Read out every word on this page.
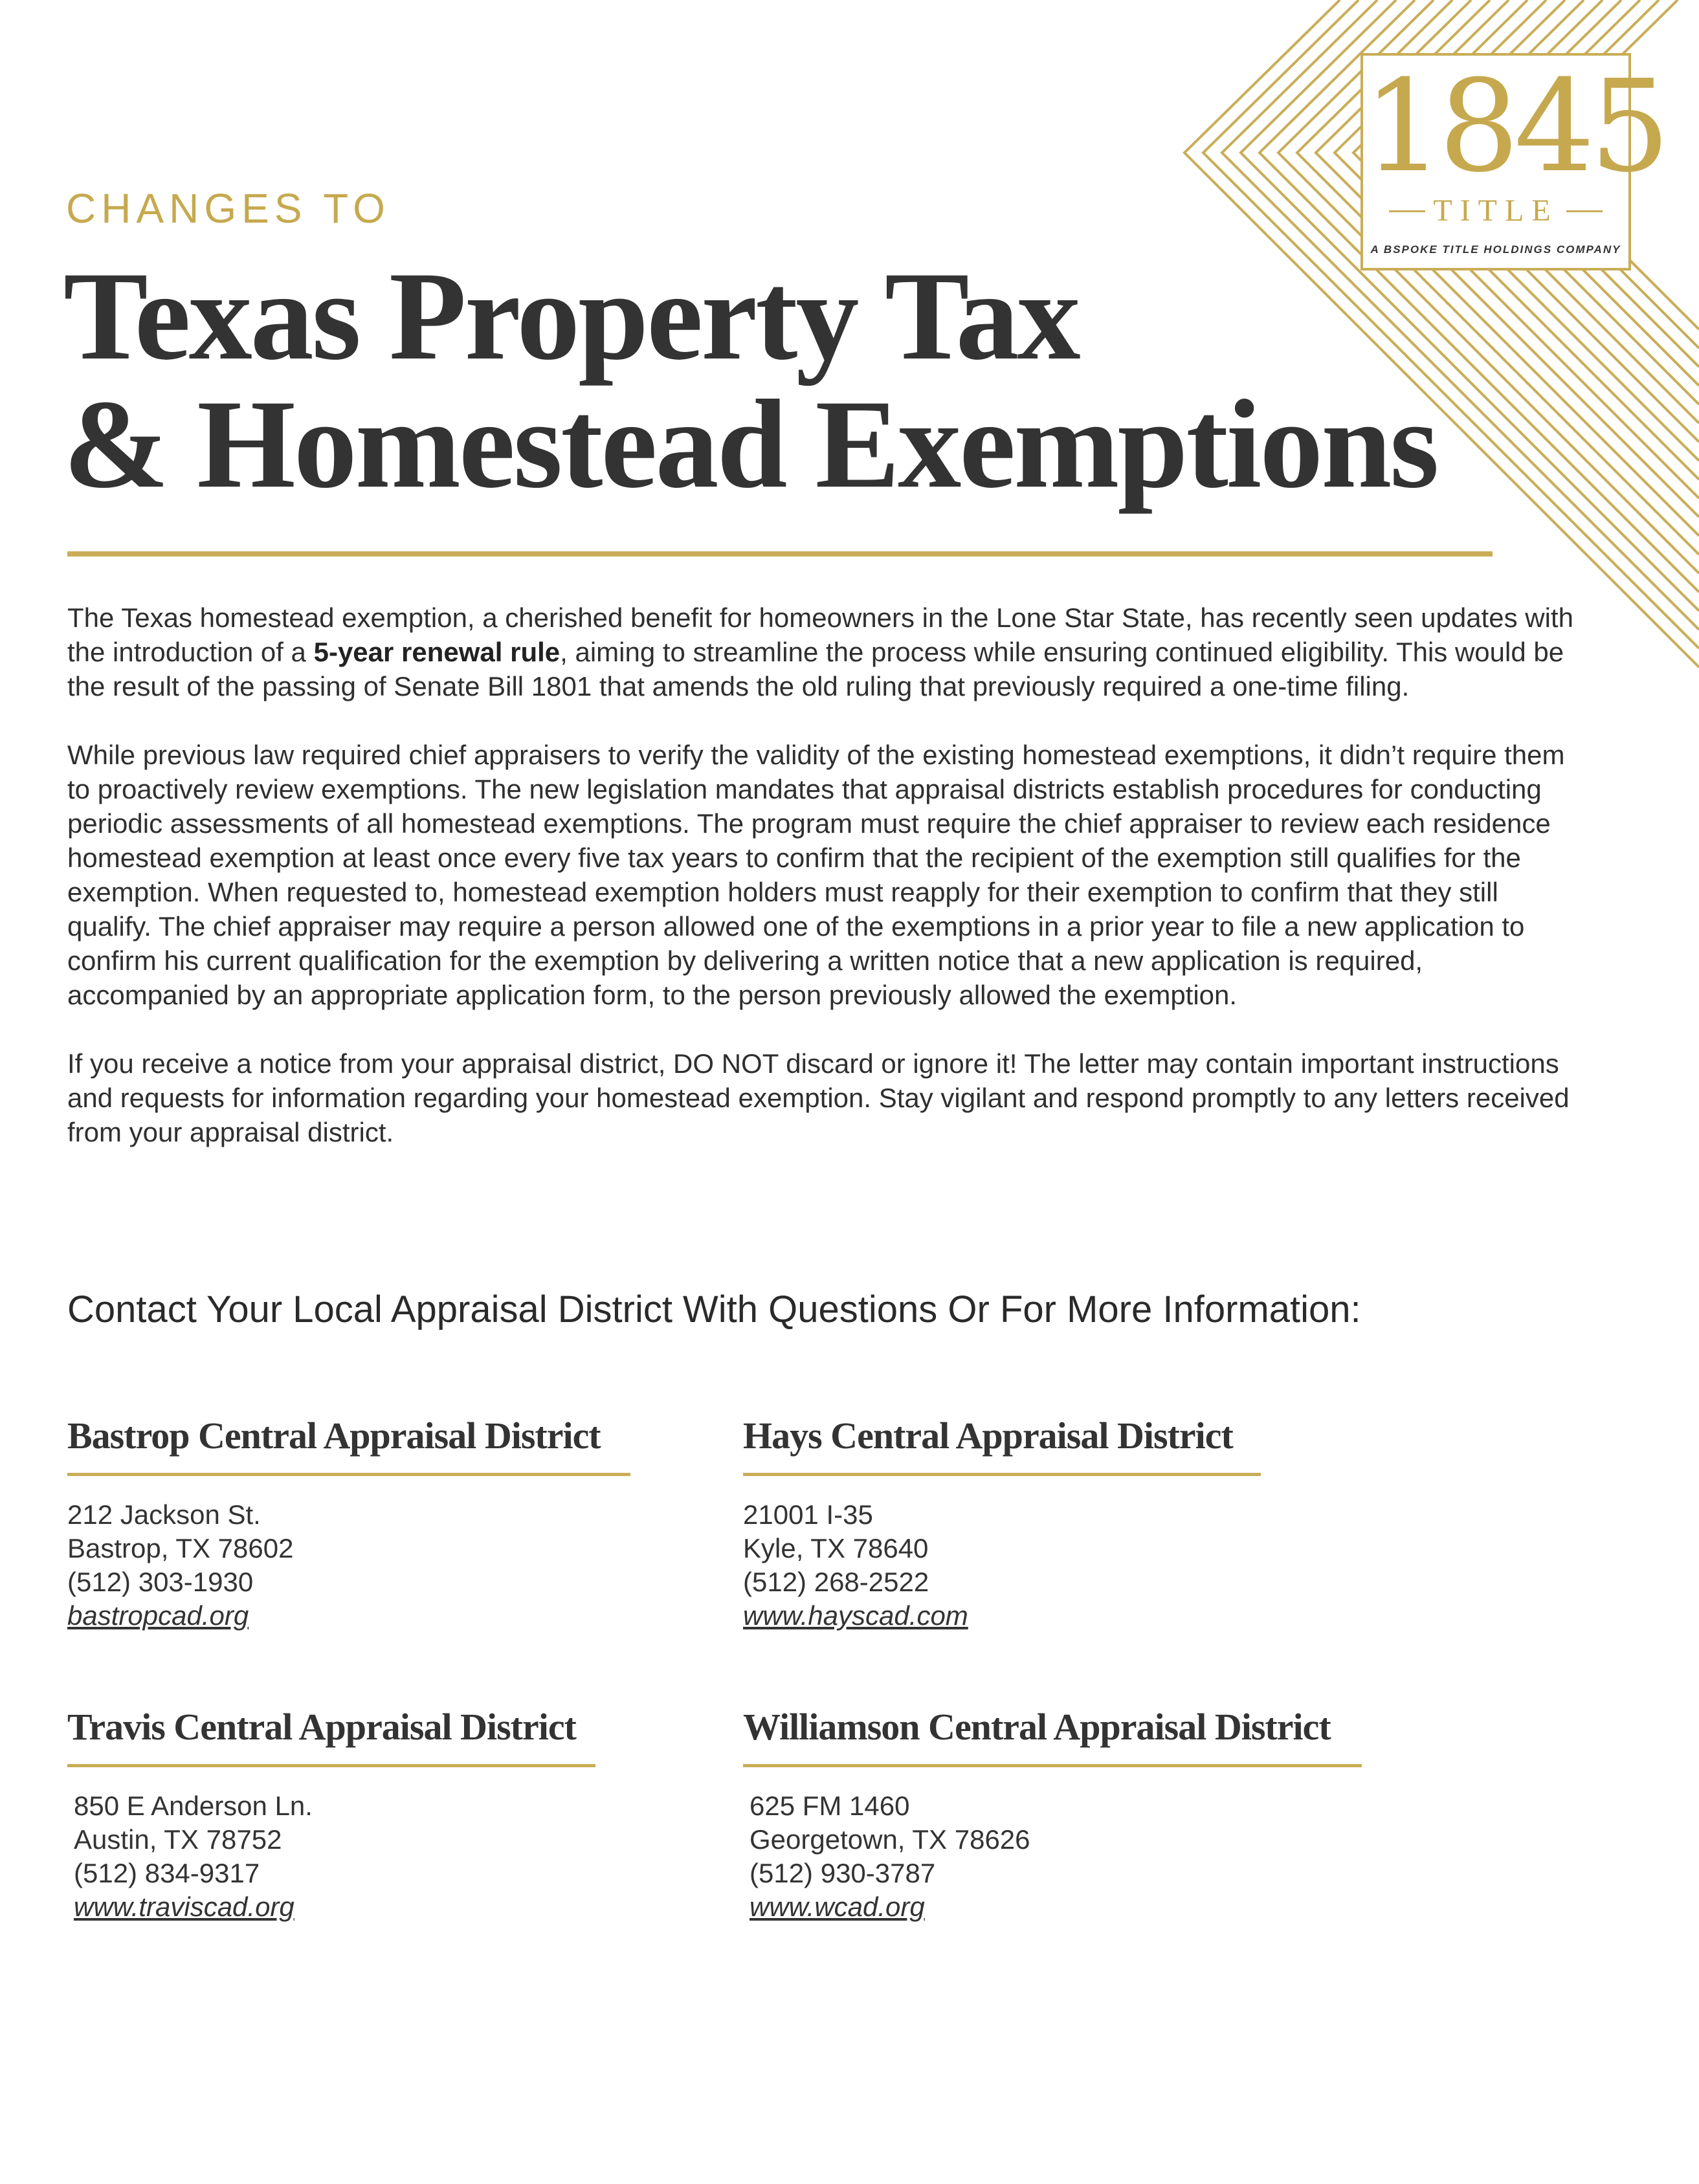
1845
TITLE
A BSPOKE TITLE HOLDINGS COMPANY
CHANGES TO
Texas Property Tax
& Homestead Exemptions

The Texas homestead exemption, a cherished benefit for homeowners in the Lone Star State, has recently seen updates with the introduction of a 5-year renewal rule, aiming to streamline the process while ensuring continued eligibility. This would be the result of the passing of Senate Bill 1801 that amends the old ruling that previously required a one-time filing.

While previous law required chief appraisers to verify the validity of the existing homestead exemptions, it didn’t require them to proactively review exemptions. The new legislation mandates that appraisal districts establish procedures for conducting periodic assessments of all homestead exemptions. The program must require the chief appraiser to review each residence homestead exemption at least once every five tax years to confirm that the recipient of the exemption still qualifies for the exemption. When requested to, homestead exemption holders must reapply for their exemption to confirm that they still qualify. The chief appraiser may require a person allowed one of the exemptions in a prior year to file a new application to confirm his current qualification for the exemption by delivering a written notice that a new application is required, accompanied by an appropriate application form, to the person previously allowed the exemption.

If you receive a notice from your appraisal district, DO NOT discard or ignore it! The letter may contain important instructions and requests for information regarding your homestead exemption. Stay vigilant and respond promptly to any letters received from your appraisal district.

Contact Your Local Appraisal District With Questions Or For More Information:
Bastrop Central Appraisal District
212 Jackson St.
Bastrop, TX 78602
(512) 303-1930
bastropcad.org
Hays Central Appraisal District
21001 I-35
Kyle, TX 78640
(512) 268-2522
www.hayscad.com
Travis Central Appraisal District
850 E Anderson Ln.
Austin, TX 78752
(512) 834-9317
www.traviscad.org
Williamson Central Appraisal District
625 FM 1460
Georgetown, TX 78626
(512) 930-3787
www.wcad.org
